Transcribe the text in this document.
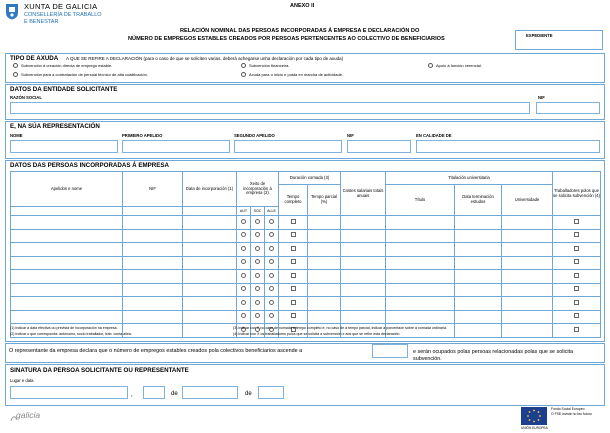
XUNTA DE GALICIA
CONSELLERÍA DE TRABALLO
E BENESTAR
ANEXO II
RELACIÓN NOMINAL DAS PERSOAS INCORPORADAS Á EMPRESA E DECLARACIÓN DO
NÚMERO DE EMPREGOS ESTABLES CREADOS POR PERSOAS PERTENCENTES AO COLECTIVO DE BENEFICIARIOS
EXPEDIENTE
TIPO DE AXUDA A QUE SE REFIRE A DECLARACIÓN (para o caso de que se soliciten varias, deberá achegarse unha declaración por cada tipo de axuda)
Subvención á creación directa de emprego estable.	Subvención financeira.	Apoio á función xerencial.
Subvención para a contratación de persoal técnico de alta cualificación.	Axuda para o inicio e posta en marcha de actividade.
DATOS DA ENTIDADE SOLICITANTE
RAZÓN SOCIAL	NIF
E, NA SÚA REPRESENTACIÓN
NOME	PRIMEIRO APELIDO	SEGUNDO APELIDO	NIF	EN CALIDADE DE
DATOS DAS PERSOAS INCORPORADAS Á EMPRESA
Apelidos e nome	NIF	Data de incorporación (1)	Xeito de incorporación á empresa (2)			Duración xornada (3)		Costes salariais totais anuais	Titulación universitaria			Traballadores polos que se solicita subvención (4)
						Tempo completo	Tempo parcial (%)		Título	Data terminación estudos	Universidade	
			AUT	SOC	ALLE							

(1) Indicar a data efectiva ou prevista de incorporación na empresa.
(2) Indicar o que corresponda: autónomo, socio traballador, trab. conta allea.
(3) Indicar cun X no caso de xornada a tempo completo e, no caso de a tempo parcial, indicar a porcentaxe sobre a xornada ordinaria.
(4) Indicar cun X os traballadores polos que se solicita a subvención e aos que se refire esta declaración.
O representante da empresa declara que o número de empregos estables creados pola colectivos beneficiarios ascende a	e serán ocupados polas persoas relacionadas polas que se solicita subvención.
SINATURA DA PERSOA SOLICITANTE OU REPRESENTANTE
Lugar e data
,	de	de
galicia
Fondo Social Europeo
O FSE inviste no teu futuro
UNIÓN EUROPEA
